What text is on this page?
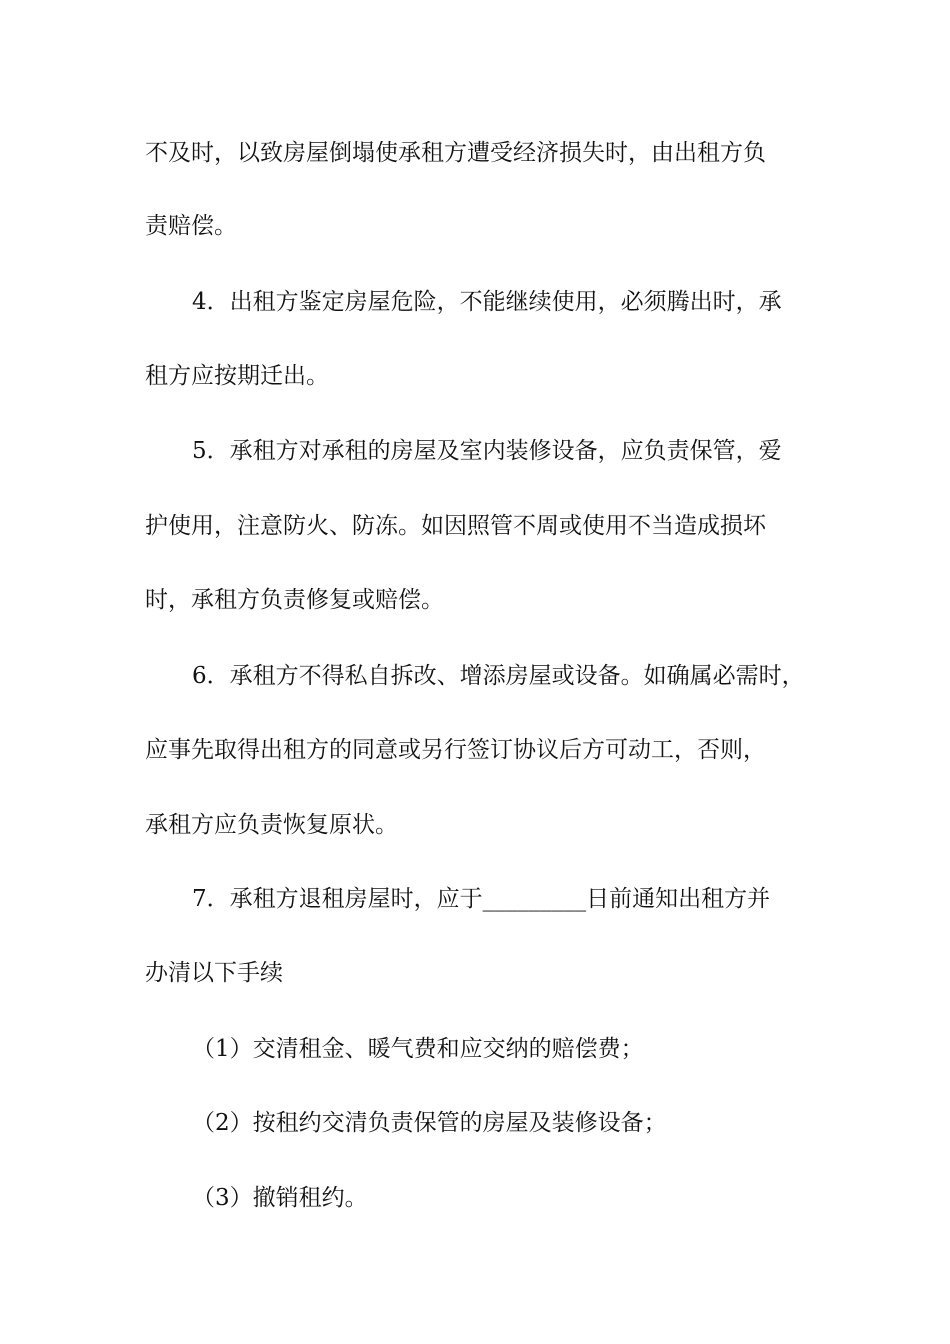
不及时，以致房屋倒塌使承租方遭受经济损失时，由出租方负
责赔偿。
4．出租方鉴定房屋危险，不能继续使用，必须腾出时，承
租方应按期迁出。
5．承租方对承租的房屋及室内装修设备，应负责保管，爱
护使用，注意防火、防冻。如因照管不周或使用不当造成损坏
时，承租方负责修复或赔偿。
6．承租方不得私自拆改、增添房屋或设备。如确属必需时，
应事先取得出租方的同意或另行签订协议后方可动工，否则，
承租方应负责恢复原状。
7．承租方退租房屋时，应于_________日前通知出租方并
办清以下手续
（1）交清租金、暖气费和应交纳的赔偿费；
（2）按租约交清负责保管的房屋及装修设备；
（3）撤销租约。
